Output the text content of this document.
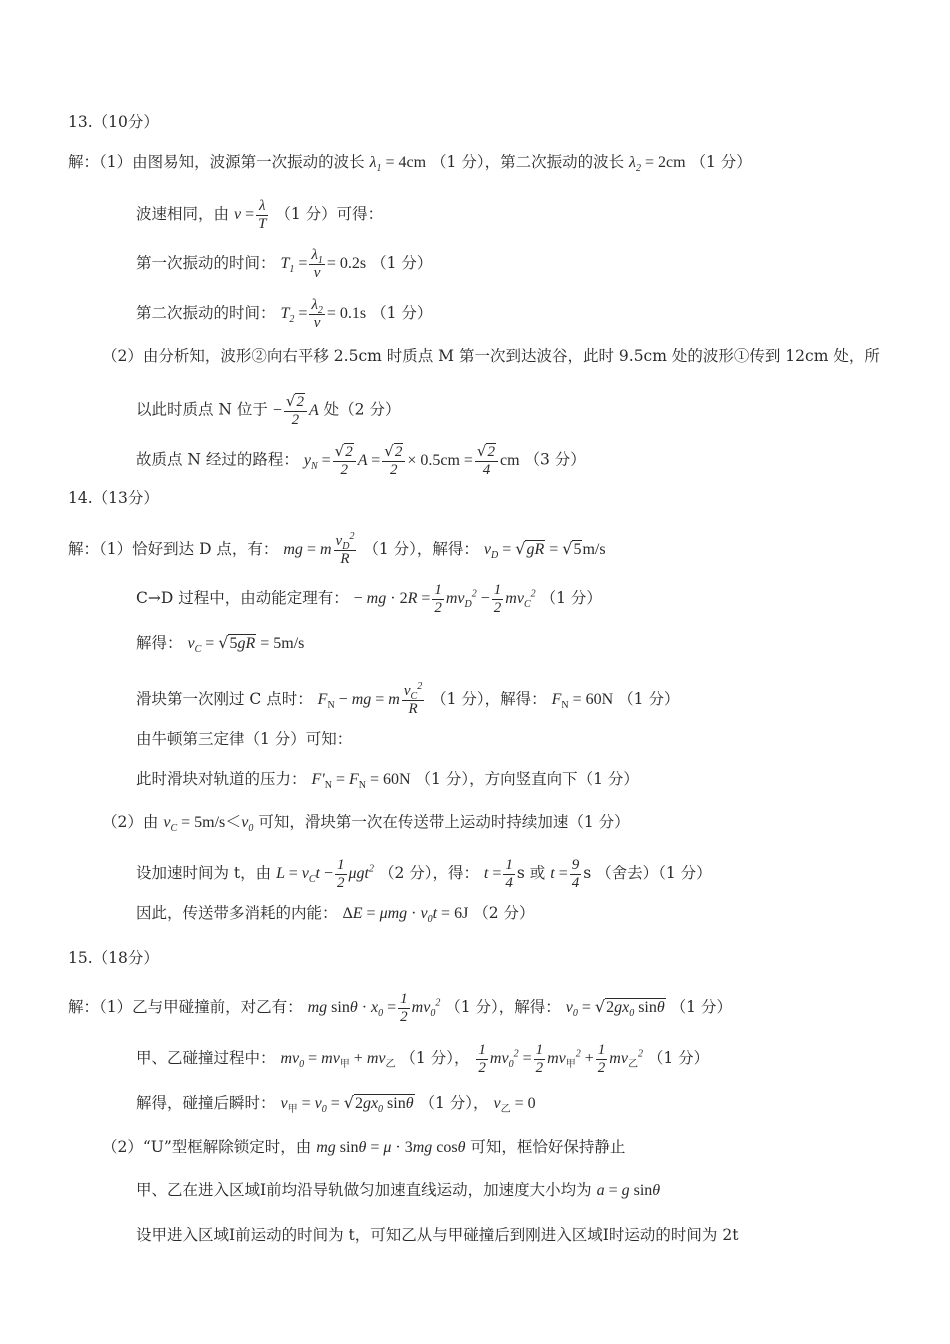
13.（10分）
解：（1）由图易知，波源第一次振动的波长 $\lambda_1 = 4cm$ （1 分），第二次振动的波长 $\lambda_2 = 2cm$ （1 分）
波速相同，由 $v = \frac{\lambda}{T} (1$ 分）可得：
第一次振动的时间： $T_1 = \frac{\lambda_1}{v} = 0.2s$ （1 分）
第二次振动的时间： $T_2 = \frac{\lambda_2}{v} = 0.1s$ （1 分）
（2）由分析知，波形②向右平移 2.5cm 时质点 M 第一次到达波谷，此时 9.5cm 处的波形①传到 12cm 处，所
以此时质点 N 位于 − $\frac{√2}{2}$ A 处（2 分）
故质点 N 经过的路程： $y_N = \frac{√2}{2}$ $A = \frac{√2}{2} \times 0.5cm = \frac{√2}{4}$ cm （3 分）
14.（13分）
解：（1）恰好到达 D 点，有： mg = m $\frac{v_D^2}{R} (1$ 分），解得： $v_D = √gR = √5m/s$
C→D 过程中，由动能定理有： − mg · $2R = \frac{1}{2} mv_D^2 - \frac{1}{2} mv_C^2$ （1 分）
解得： $v_C = √5gR = 5m/s$
滑块第一次刚过 C 点时： $F_N$ − mg = m $\frac{v_C^2}{R} (1$ 分），解得： $F_N = 60N$ （1 分）
由牛顿第三定律（1 分）可知：
此时滑块对轨道的压力： $F'_N = F_N = 60N$ （1 分），方向竖直向下（1 分）
（2）由 $v_C = 5m/s<v_0$ 可知，滑块第一次在传送带上运动时持续加速（1 分）
设加速时间为 t，由 $L = v_Ct - \frac{1}{2} \mu gt^2$ （2 分），得： $t = \frac{1}{4}$ s 或 $t = \frac{9}{4}$ s （舍去）（1 分）
因此，传送带多消耗的内能： $\Delta E = \mu mg \cdot v_0t = 6J$ （2 分）
15.（18分）
解：（1）乙与甲碰撞前，对乙有： mg $\sin\theta \cdot x_0 = \frac{1}{2} mv_0^2$ （1 分），解得： $v_0 = √2gx_0$ sinθ （1 分）
甲、乙碰撞过程中： $mv_0 = mv_甲 + mv_乙$ （1 分）， $\frac{1}{2} mv_0^2 = \frac{1}{2} mv_甲^2 + \frac{1}{2} mv_乙^2$ （1 分）
解得，碰撞后瞬时： $v_甲 = v_0 = √2gx_0$ sinθ （1 分）， $v_乙 = 0$
（2）“U”型框解除锁定时，由 mg sinθ = μ · 3mg cosθ 可知，框恰好保持静止
甲、乙在进入区域Ⅰ前均沿导轨做匀加速直线运动，加速度大小均为 a = g sinθ
设甲进入区域Ⅰ前运动的时间为 t，可知乙从与甲碰撞后到刚进入区域Ⅰ时运动的时间为 2t
